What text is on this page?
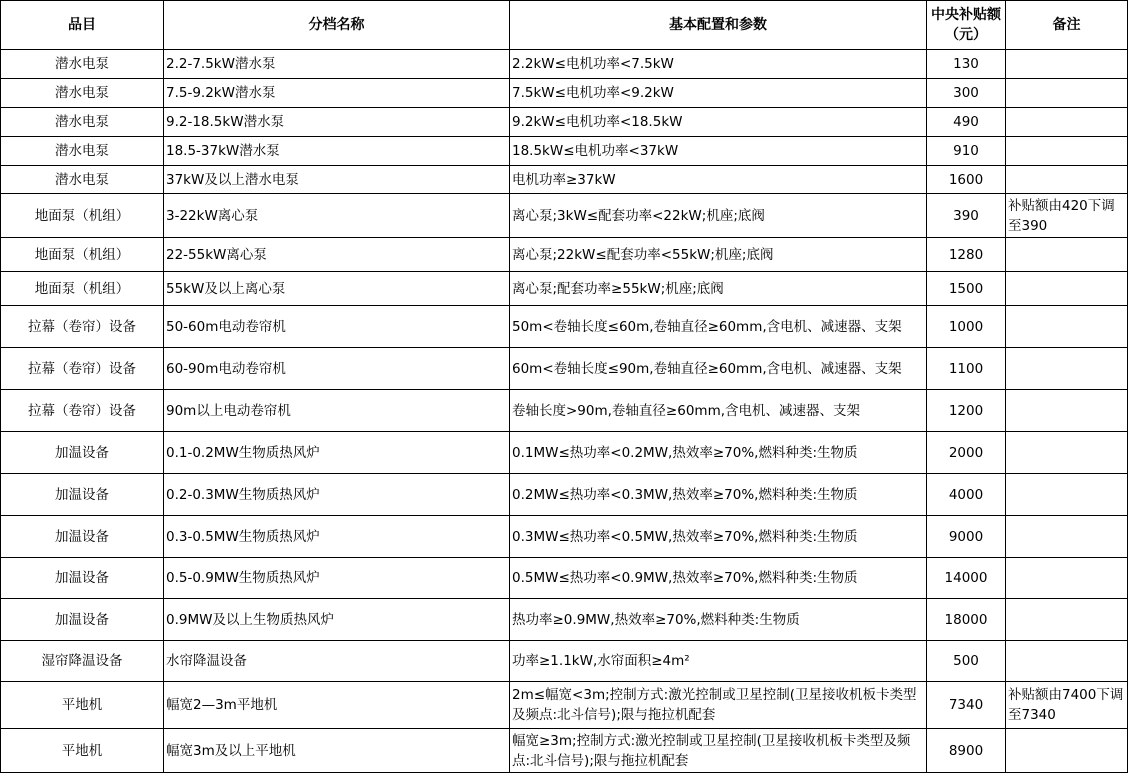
品目	分档名称	基本配置和参数	中央补贴额（元）	备注
潜水电泵	2.2-7.5kW潜水泵	2.2kW≤电机功率<7.5kW	130	
潜水电泵	7.5-9.2kW潜水泵	7.5kW≤电机功率<9.2kW	300	
潜水电泵	9.2-18.5kW潜水泵	9.2kW≤电机功率<18.5kW	490	
潜水电泵	18.5-37kW潜水泵	18.5kW≤电机功率<37kW	910	
潜水电泵	37kW及以上潜水电泵	电机功率≥37kW	1600	
地面泵（机组）	3-22kW离心泵	离心泵;3kW≤配套功率<22kW;机座;底阀	390	补贴额由420下调至390
地面泵（机组）	22-55kW离心泵	离心泵;22kW≤配套功率<55kW;机座;底阀	1280	
地面泵（机组）	55kW及以上离心泵	离心泵;配套功率≥55kW;机座;底阀	1500	
拉幕（卷帘）设备	50-60m电动卷帘机	50m<卷轴长度≤60m,卷轴直径≥60mm,含电机、减速器、支架	1000	
拉幕（卷帘）设备	60-90m电动卷帘机	60m<卷轴长度≤90m,卷轴直径≥60mm,含电机、减速器、支架	1100	
拉幕（卷帘）设备	90m以上电动卷帘机	卷轴长度>90m,卷轴直径≥60mm,含电机、减速器、支架	1200	
加温设备	0.1-0.2MW生物质热风炉	0.1MW≤热功率<0.2MW,热效率≥70%,燃料种类:生物质	2000	
加温设备	0.2-0.3MW生物质热风炉	0.2MW≤热功率<0.3MW,热效率≥70%,燃料种类:生物质	4000	
加温设备	0.3-0.5MW生物质热风炉	0.3MW≤热功率<0.5MW,热效率≥70%,燃料种类:生物质	9000	
加温设备	0.5-0.9MW生物质热风炉	0.5MW≤热功率<0.9MW,热效率≥70%,燃料种类:生物质	14000	
加温设备	0.9MW及以上生物质热风炉	热功率≥0.9MW,热效率≥70%,燃料种类:生物质	18000	
湿帘降温设备	水帘降温设备	功率≥1.1kW,水帘面积≥4m²	500	
平地机	幅宽2—3m平地机	2m≤幅宽<3m;控制方式:激光控制或卫星控制(卫星接收机板卡类型及频点:北斗信号);限与拖拉机配套	7340	补贴额由7400下调至7340
平地机	幅宽3m及以上平地机	幅宽≥3m;控制方式:激光控制或卫星控制(卫星接收机板卡类型及频点:北斗信号);限与拖拉机配套	8900	
